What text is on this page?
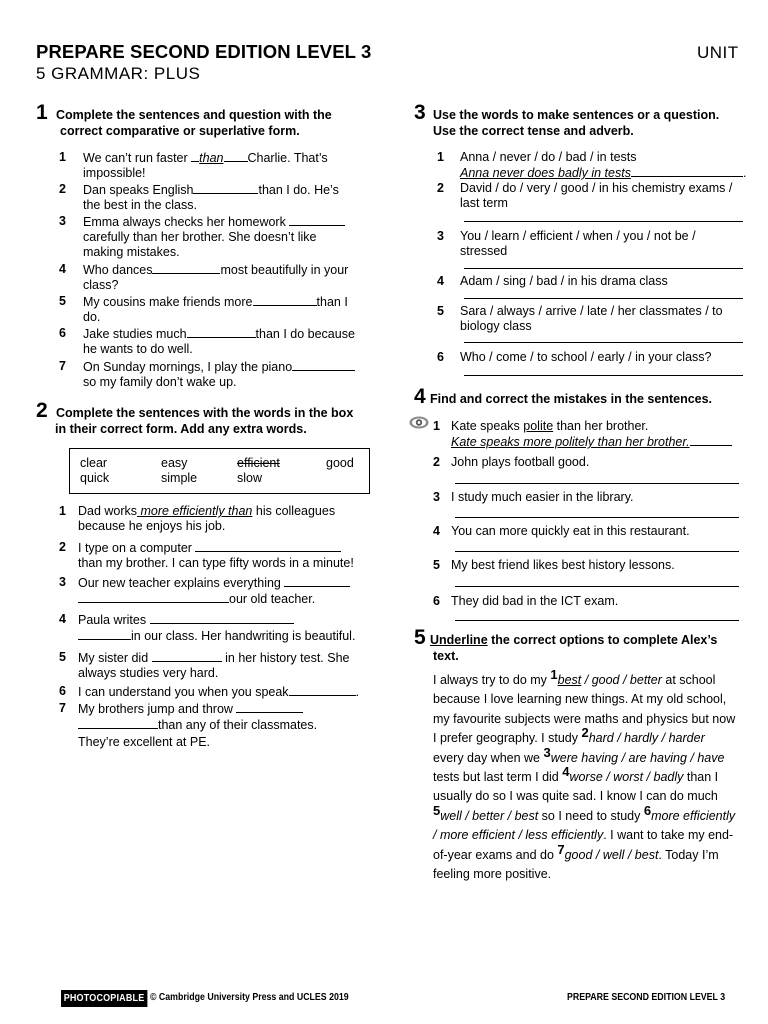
PREPARE SECOND EDITION LEVEL 3
5 GRAMMAR: PLUS
UNIT
1 Complete the sentences and question with the
correct comparative or superlative form.
1	We can’t run faster than Charlie. That’s
impossible!
2	Dan speaks English	than I do. He’s
the best in the class.
3	Emma always checks her homework
carefully than her brother. She doesn’t like
making mistakes.
4	Who dances	most beautifully in your
class?
5	My cousins make friends more	than I
do.
6	Jake studies much	than I do because
he wants to do well.
7	On Sunday mornings, I play the piano
so my family don’t wake up.
2 Complete the sentences with the words in the box
in their correct form. Add any extra words.
clear	easy	efficient	good
quick	simple	slow
1 Dad works more efficiently than his colleagues
because he enjoys his job.
2 I type on a computer
than my brother. I can type fifty words in a minute!
3 Our new teacher explains everything
our old teacher.
4 Paula writes
in our class. Her handwriting is beautiful.
5 My sister did	in her history test. She
always studies very hard.
6 I can understand you when you speak	.
7 My brothers jump and throw
than any of their classmates.
They’re excellent at PE.
3 Use the words to make sentences or a question.
Use the correct tense and adverb.
1	Anna / never / do / bad / in tests
Anna never does badly in tests	.
2	David / do / very / good / in his chemistry exams /
last term
3	You / learn / efficient / when / you / not be /
stressed
4	Adam / sing / bad / in his drama class
5	Sara / always / arrive / late / her classmates / to
biology class
6	Who / come / to school / early / in your class?
4 Find and correct the mistakes in the sentences.
1 Kate speaks polite than her brother.
Kate speaks more politely than her brother.
2 John plays football good.
3 I study much easier in the library.
4 You can more quickly eat in this restaurant.
5 My best friend likes best history lessons.
6 They did bad in the ICT exam.
5 Underline the correct options to complete Alex’s
text.
I always try to do my $^1$best / good / better at school because I love learning new things. At my old school, my favourite subjects were maths and physics but now I prefer geography. I study $^2$hard / hardly / harder every day when we $^3$were having / are having / have tests but last term I did $^4$worse / worst / badly than I usually do so I was quite sad. I know I can do much $^5$well / better / best so I need to study $^6$more efficiently / more efficient / less efficiently. I want to take my end-of-year exams and do $^7$good / well / best. Today I’m feeling more positive.
PHOTOCOPIABLE © Cambridge University Press and UCLES 2019	PREPARE SECOND EDITION LEVEL 3
